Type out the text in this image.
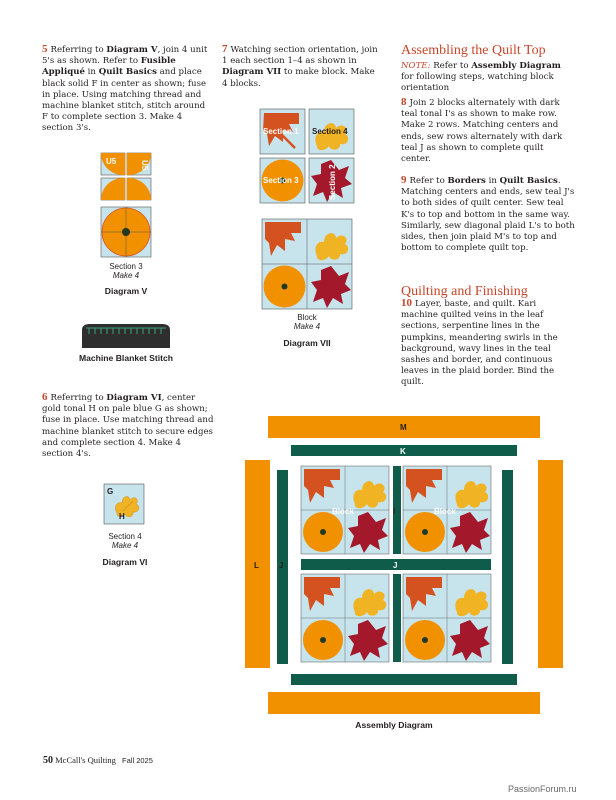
5 Referring to Diagram V, join 4 unit 5's as shown. Refer to Fusible Appliqué in Quilt Basics and place black solid F in center as shown; fuse in place. Using matching thread and machine blanket stitch, stitch around F to complete section 3. Make 4 section 3's.
U5	U5
Section 3
Make 4
Diagram V
Machine Blanket Stitch
6 Referring to Diagram VI, center gold tonal H on pale blue G as shown; fuse in place. Use matching thread and machine blanket stitch to secure edges and complete section 4. Make 4 section 4's.
G
H
Section 4
Make 4
Diagram VI
7 Watching section orientation, join 1 each section 1–4 as shown in Diagram VII to make block. Make 4 blocks.
Section 1 Section 4
Section 3	Section 2
Block
Make 4
Diagram VII
Assembling the Quilt Top
NOTE: Refer to Assembly Diagram for following steps, watching block orientation
8 Join 2 blocks alternately with dark teal tonal I's as shown to make row. Make 2 rows. Matching centers and ends, sew rows alternately with dark teal J as shown to complete quilt center.
9 Refer to Borders in Quilt Basics. Matching centers and ends, sew teal J's to both sides of quilt center. Sew teal K's to top and bottom in the same way. Similarly, sew diagonal plaid L's to both sides, then join plaid M's to top and bottom to complete quilt top.
Quilting and Finishing
10 Layer, baste, and quilt. Kari machine quilted veins in the leaf sections, serpentine lines in the pumpkins, meandering swirls in the background, wavy lines in the teal sashes and border, and continuous leaves in the plaid border. Bind the quilt.
M
K
L	J
I
Block	Block
J
Assembly Diagram
50 McCall's Quilting Fall 2025
PassionForum.ru
